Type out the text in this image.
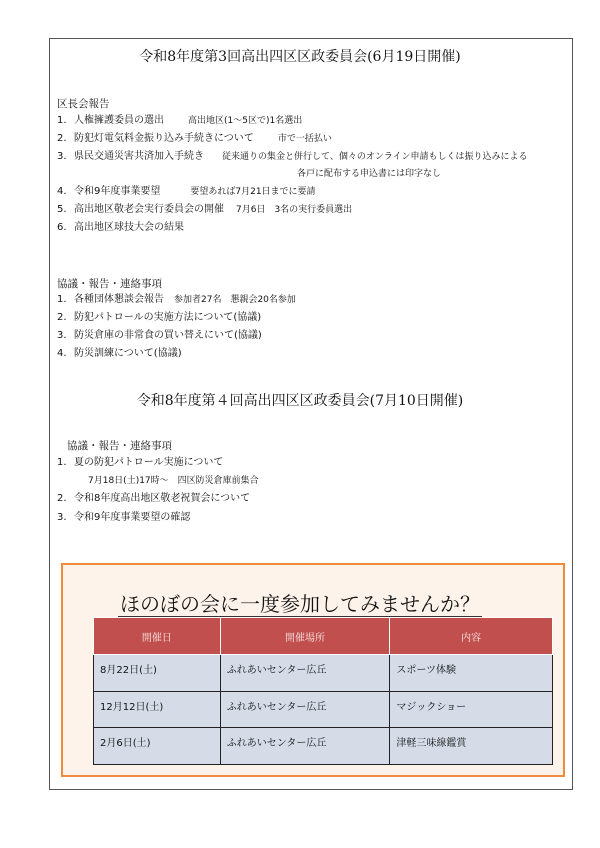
令和8年度第3回高出四区区政委員会(6月19日開催)
区長会報告
1. 人権擁護委員の選出	高出地区(1～5区で)1名選出
2. 防犯灯電気料金振り込み手続きについて	市で一括払い
3. 県民交通災害共済加入手続き 従来通りの集金と併行して、個々のオンライン申請もしくは振り込みによる
各戸に配布する申込書には印字なし
4. 令和9年度事業要望	要望あれば7月21日までに要請
5. 高出地区敬老会実行委員会の開催 7月6日　3名の実行委員選出
6. 高出地区球技大会の結果
協議・報告・連絡事項
1. 各種団体懇談会報告 参加者27名　懇親会20名参加
2. 防犯パトロールの実施方法について(協議)
3. 防災倉庫の非常食の買い替えにいて(協議)
4. 防災訓練について(協議)
令和8年度第４回高出四区区政委員会(7月10日開催)
協議・報告・連絡事項
1. 夏の防犯パトロール実施について
7月18日(土)17時～　四区防災倉庫前集合
2. 令和8年度高出地区敬老祝賀会について
3. 令和9年度事業要望の確認
ほのぼの会に一度参加してみませんか？
開催日	開催場所	内容
8月22日(土)	ふれあいセンター広丘	スポーツ体験
12月12日(土)	ふれあいセンター広丘	マジックショー
2月6日(土)	ふれあいセンター広丘	津軽三味線鑑賞
